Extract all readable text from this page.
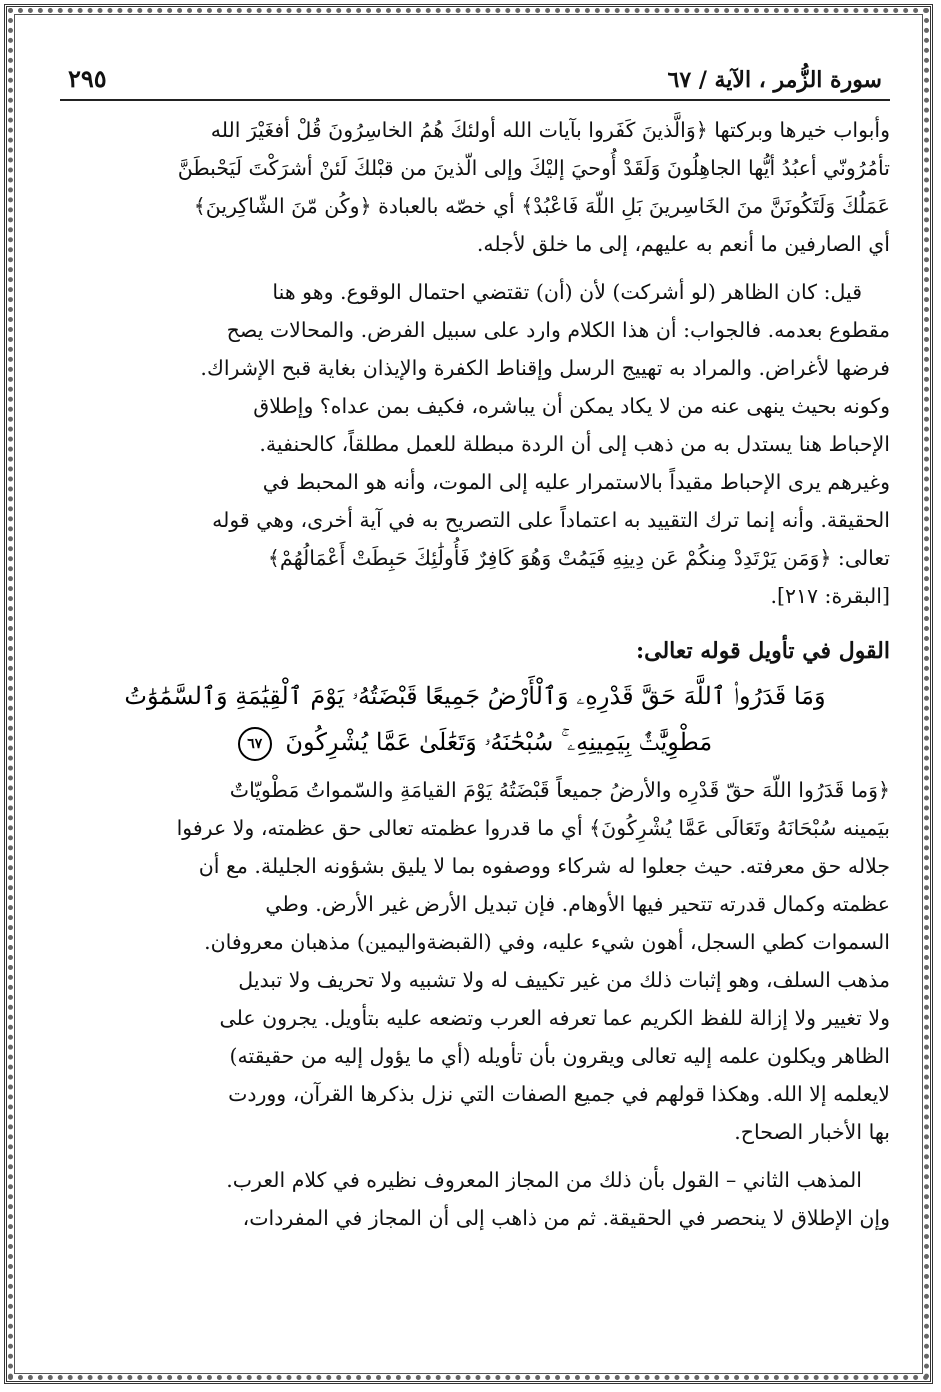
سورة الزُّمر ، الآية / ٦٧
٢٩٥

وأبواب خيرها وبركتها ﴿وَالَّذينَ كَفَروا بآيات الله أولئكَ هُمُ الخاسِرُونَ قُلْ أفغَيْرَ الله

تأمُرُونّي أعبُدُ أيُّها الجاهِلُونَ وَلَقَدْ أُوحيَ إليْكَ وإلى الّذينَ من قبْلكَ لَئنْ أشرَكْتَ لَيَحْبطَنَّ

عَمَلُكَ وَلَتَكُونَنَّ منَ الخَاسِرينَ بَلِ اللّهَ فَاعْبُدْ﴾ أي خصّه بالعبادة ﴿وكُن مّنَ الشّاكِرينَ﴾

أي الصارفين ما أنعم به عليهم، إلى ما خلق لأجله.

قيل: كان الظاهر (لو أشركت) لأن (أن) تقتضي احتمال الوقوع. وهو هنا

مقطوع بعدمه. فالجواب: أن هذا الكلام وارد على سبيل الفرض. والمحالات يصح

فرضها لأغراض. والمراد به تهييج الرسل وإقناط الكفرة والإيذان بغاية قبح الإشراك.

وكونه بحيث ينهى عنه من لا يكاد يمكن أن يباشره، فكيف بمن عداه؟ وإطلاق

الإحباط هنا يستدل به من ذهب إلى أن الردة مبطلة للعمل مطلقاً، كالحنفية.

وغيرهم يرى الإحباط مقيداً بالاستمرار عليه إلى الموت، وأنه هو المحبط في

الحقيقة. وأنه إنما ترك التقييد به اعتماداً على التصريح به في آية أخرى، وهي قوله

تعالى: ﴿وَمَن يَرْتَدِدْ مِنكُمْ عَن دِينِهِ فَيَمُتْ وَهُوَ كَافِرٌ فَأُولَٰئِكَ حَبِطَتْ أَعْمَالُهُمْ﴾

[البقرة: ٢١٧].

القول في تأويل قوله تعالى:

وَمَا قَدَرُوا۟ ٱللَّهَ حَقَّ قَدْرِهِۦ وَٱلْأَرْضُ جَمِيعًا قَبْضَتُهُۥ يَوْمَ ٱلْقِيَٰمَةِ وَٱلسَّمَٰوَٰتُ
مَطْوِيَّٰتٌۢ بِيَمِينِهِۦ ۚ سُبْحَٰنَهُۥ وَتَعَٰلَىٰ عَمَّا يُشْرِكُونَ ٦٧

﴿وَما قَدَرُوا اللّهَ حقّ قَدْرِه والأرضُ جميعاً قَبْضَتُهُ يَوْمَ القيامَةِ والسّمواتُ مَطْويّاتٌ

بيَمينه سُبْحَانَهُ وتَعَالَى عَمَّا يُشْرِكُونَ﴾ أي ما قدروا عظمته تعالى حق عظمته، ولا عرفوا

جلاله حق معرفته. حيث جعلوا له شركاء ووصفوه بما لا يليق بشؤونه الجليلة. مع أن

عظمته وكمال قدرته تتحير فيها الأوهام. فإن تبديل الأرض غير الأرض. وطي

السموات كطي السجل، أهون شيء عليه، وفي (القبضةواليمين) مذهبان معروفان.

مذهب السلف، وهو إثبات ذلك من غير تكييف له ولا تشبيه ولا تحريف ولا تبديل

ولا تغيير ولا إزالة للفظ الكريم عما تعرفه العرب وتضعه عليه بتأويل. يجرون على

الظاهر ويكلون علمه إليه تعالى ويقرون بأن تأويله (أي ما يؤول إليه من حقيقته)

لايعلمه إلا الله. وهكذا قولهم في جميع الصفات التي نزل بذكرها القرآن، ووردت

بها الأخبار الصحاح.

المذهب الثاني – القول بأن ذلك من المجاز المعروف نظيره في كلام العرب.

وإن الإطلاق لا ينحصر في الحقيقة. ثم من ذاهب إلى أن المجاز في المفردات،
